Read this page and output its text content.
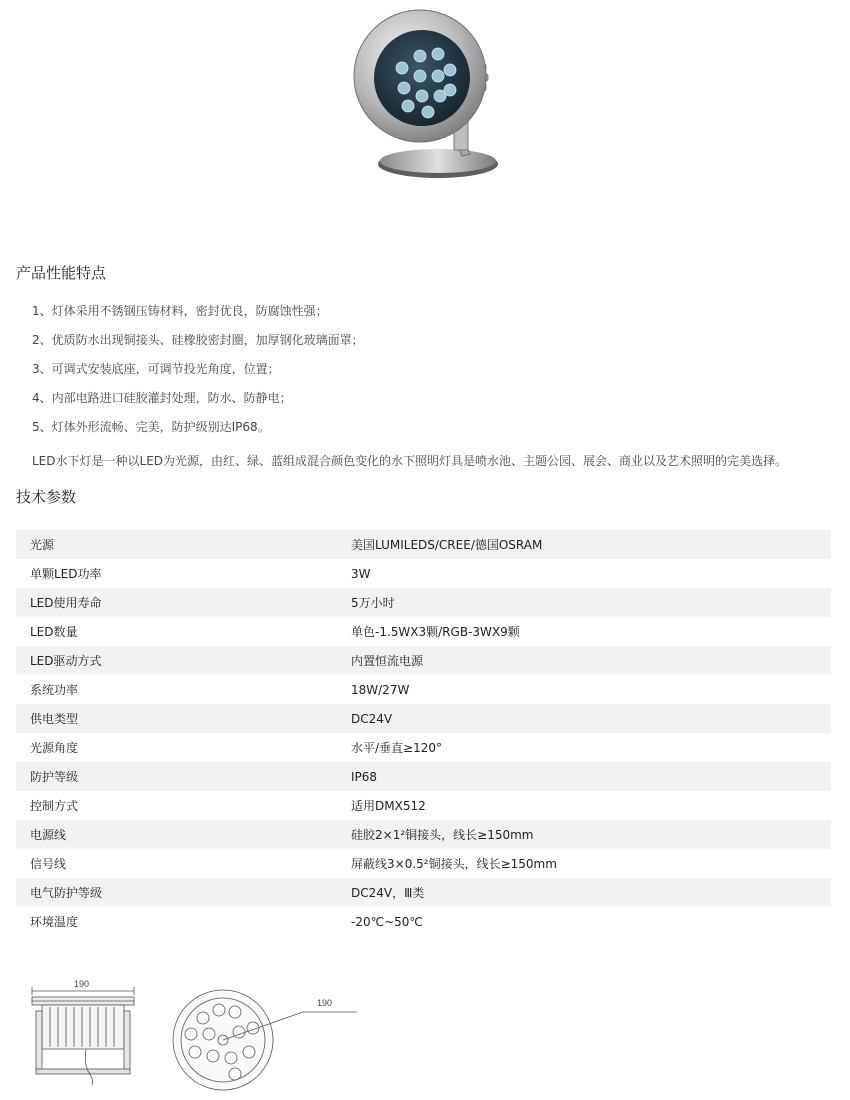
产品性能特点
1、灯体采用不锈钢压铸材料，密封优良，防腐蚀性强；
2、优质防水出现铜接头、硅橡胶密封圈，加厚钢化玻璃面罩；
3、可调式安装底座，可调节投光角度，位置；
4、内部电路进口硅胶灌封处理，防水、防静电；
5、灯体外形流畅、完美，防护级别达IP68。
LED水下灯是一种以LED为光源，由红、绿、蓝组成混合颜色变化的水下照明灯具是喷水池、主题公园、展会、商业以及艺术照明的完美选择。
技术参数
光源	美国LUMILEDS/CREE/德国OSRAM
单颗LED功率	3W
LED使用寿命	5万小时
LED数量	单色-1.5WX3颗/RGB-3WX9颗
LED驱动方式	内置恒流电源
系统功率	18W/27W
供电类型	DC24V
光源角度	水平/垂直≥120°
防护等级	IP68
控制方式	适用DMX512
电源线	硅胶2×1²铜接头，线长≥150mm
信号线	屏蔽线3×0.5²铜接头，线长≥150mm
电气防护等级	DC24V，Ⅲ类
环境温度	-20℃~50℃
190
190
